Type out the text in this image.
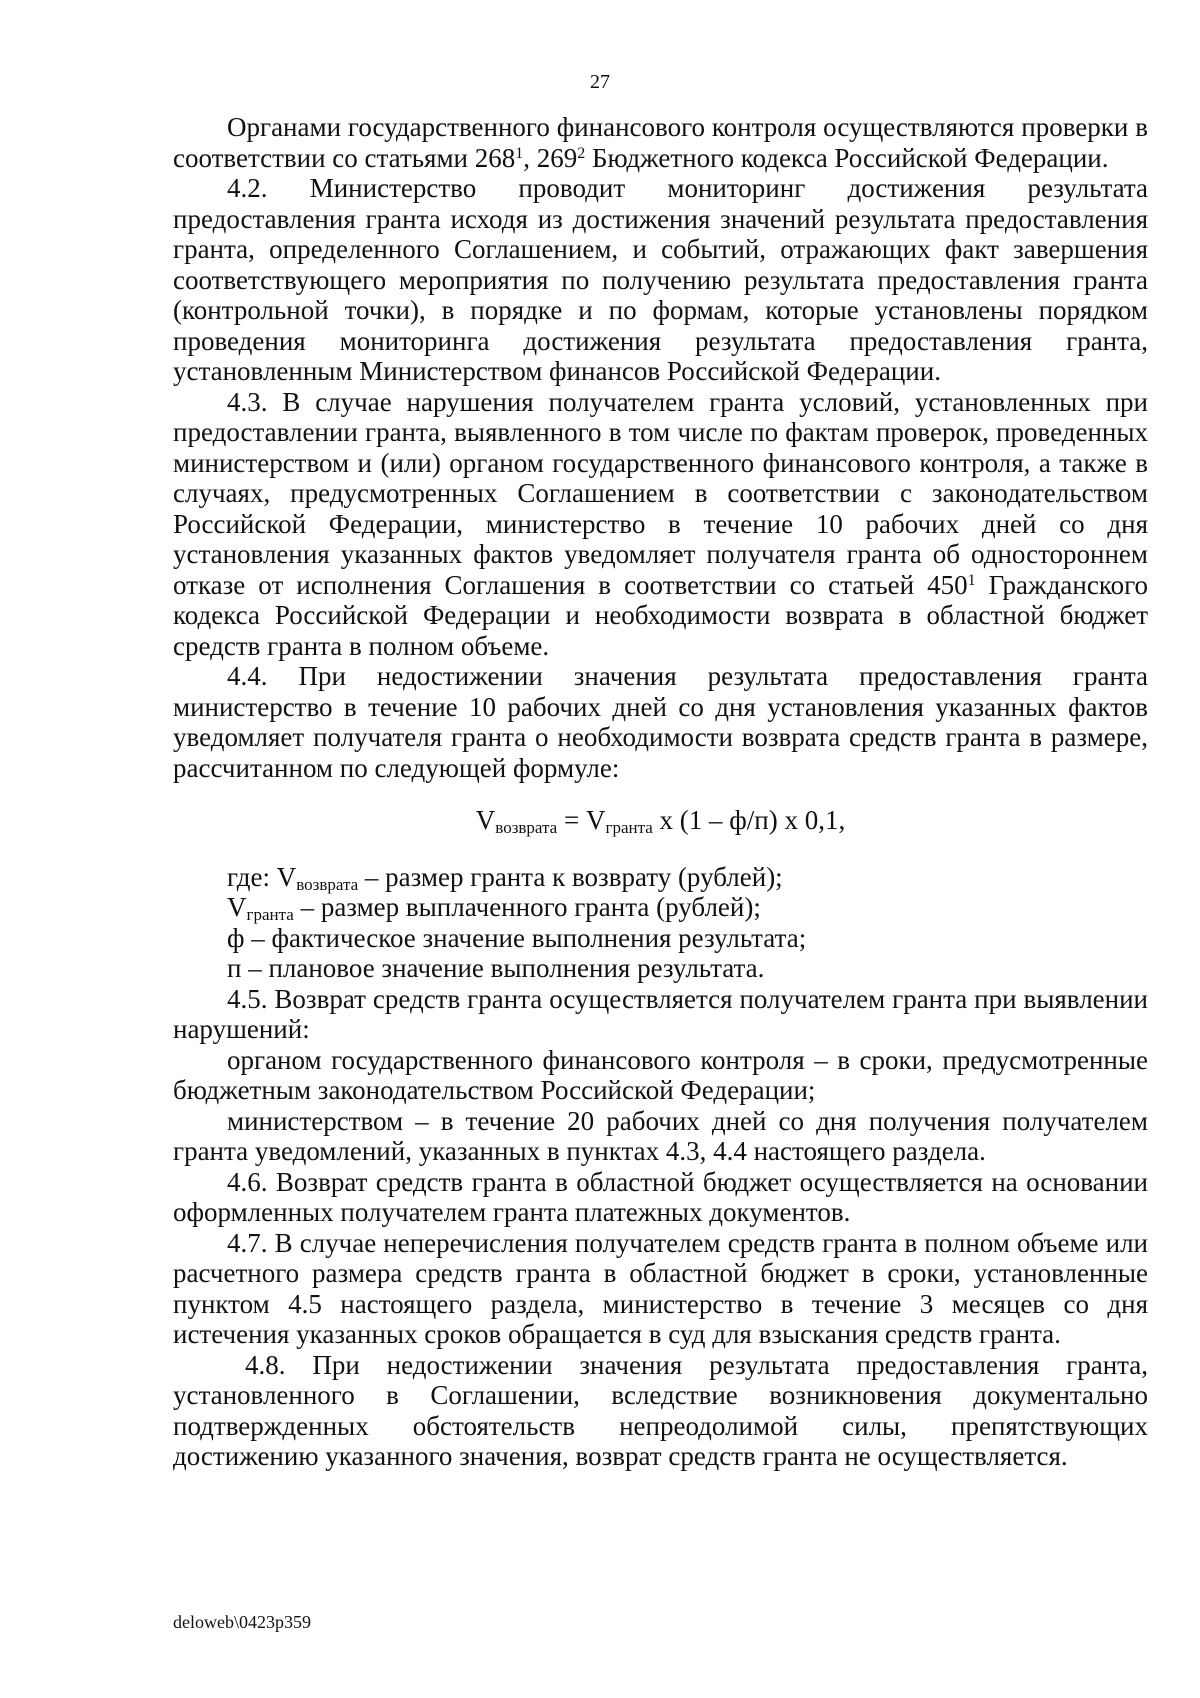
27

Органами государственного финансового контроля осуществляются проверки в соответствии со статьями $268^1$, $269^2$ Бюджетного кодекса Российской Федерации.

4.2. Министерство проводит мониторинг достижения результата предоставления гранта исходя из достижения значений результата предоставления гранта, определенного Соглашением, и событий, отражающих факт завершения соответствующего мероприятия по получению результата предоставления гранта (контрольной точки), в порядке и по формам, которые установлены порядком проведения мониторинга достижения результата предоставления гранта, установленным Министерством финансов Российской Федерации.

4.3. В случае нарушения получателем гранта условий, установленных при предоставлении гранта, выявленного в том числе по фактам проверок, проведенных министерством и (или) органом государственного финансового контроля, а также в случаях, предусмотренных Соглашением в соответствии с законодательством Российской Федерации, министерство в течение 10 рабочих дней со дня установления указанных фактов уведомляет получателя гранта об одностороннем отказе от исполнения Соглашения в соответствии со статьей $450^1$ Гражданского кодекса Российской Федерации и необходимости возврата в областной бюджет средств гранта в полном объеме.

4.4. При недостижении значения результата предоставления гранта министерство в течение 10 рабочих дней со дня установления указанных фактов уведомляет получателя гранта о необходимости возврата средств гранта в размере, рассчитанном по следующей формуле:

$V_{возврата} = V_{гранта}$ x (1 – ф/п) x 0,1,

где: $V_{возврата}$ – размер гранта к возврату (рублей);

$V_{гранта}$ – размер выплаченного гранта (рублей);

ф – фактическое значение выполнения результата;

п – плановое значение выполнения результата.

4.5. Возврат средств гранта осуществляется получателем гранта при выявлении нарушений:

органом государственного финансового контроля – в сроки, предусмотренные бюджетным законодательством Российской Федерации;

министерством – в течение 20 рабочих дней со дня получения получателем гранта уведомлений, указанных в пунктах 4.3, 4.4 настоящего раздела.

4.6. Возврат средств гранта в областной бюджет осуществляется на основании оформленных получателем гранта платежных документов.

4.7. В случае неперечисления получателем средств гранта в полном объеме или расчетного размера средств гранта в областной бюджет в сроки, установленные пунктом 4.5 настоящего раздела, министерство в течение 3 месяцев со дня истечения указанных сроков обращается в суд для взыскания средств гранта.

4.8. При недостижении значения результата предоставления гранта, установленного в Соглашении, вследствие возникновения документально подтвержденных обстоятельств непреодолимой силы, препятствующих достижению указанного значения, возврат средств гранта не осуществляется.

deloweb\0423p359
